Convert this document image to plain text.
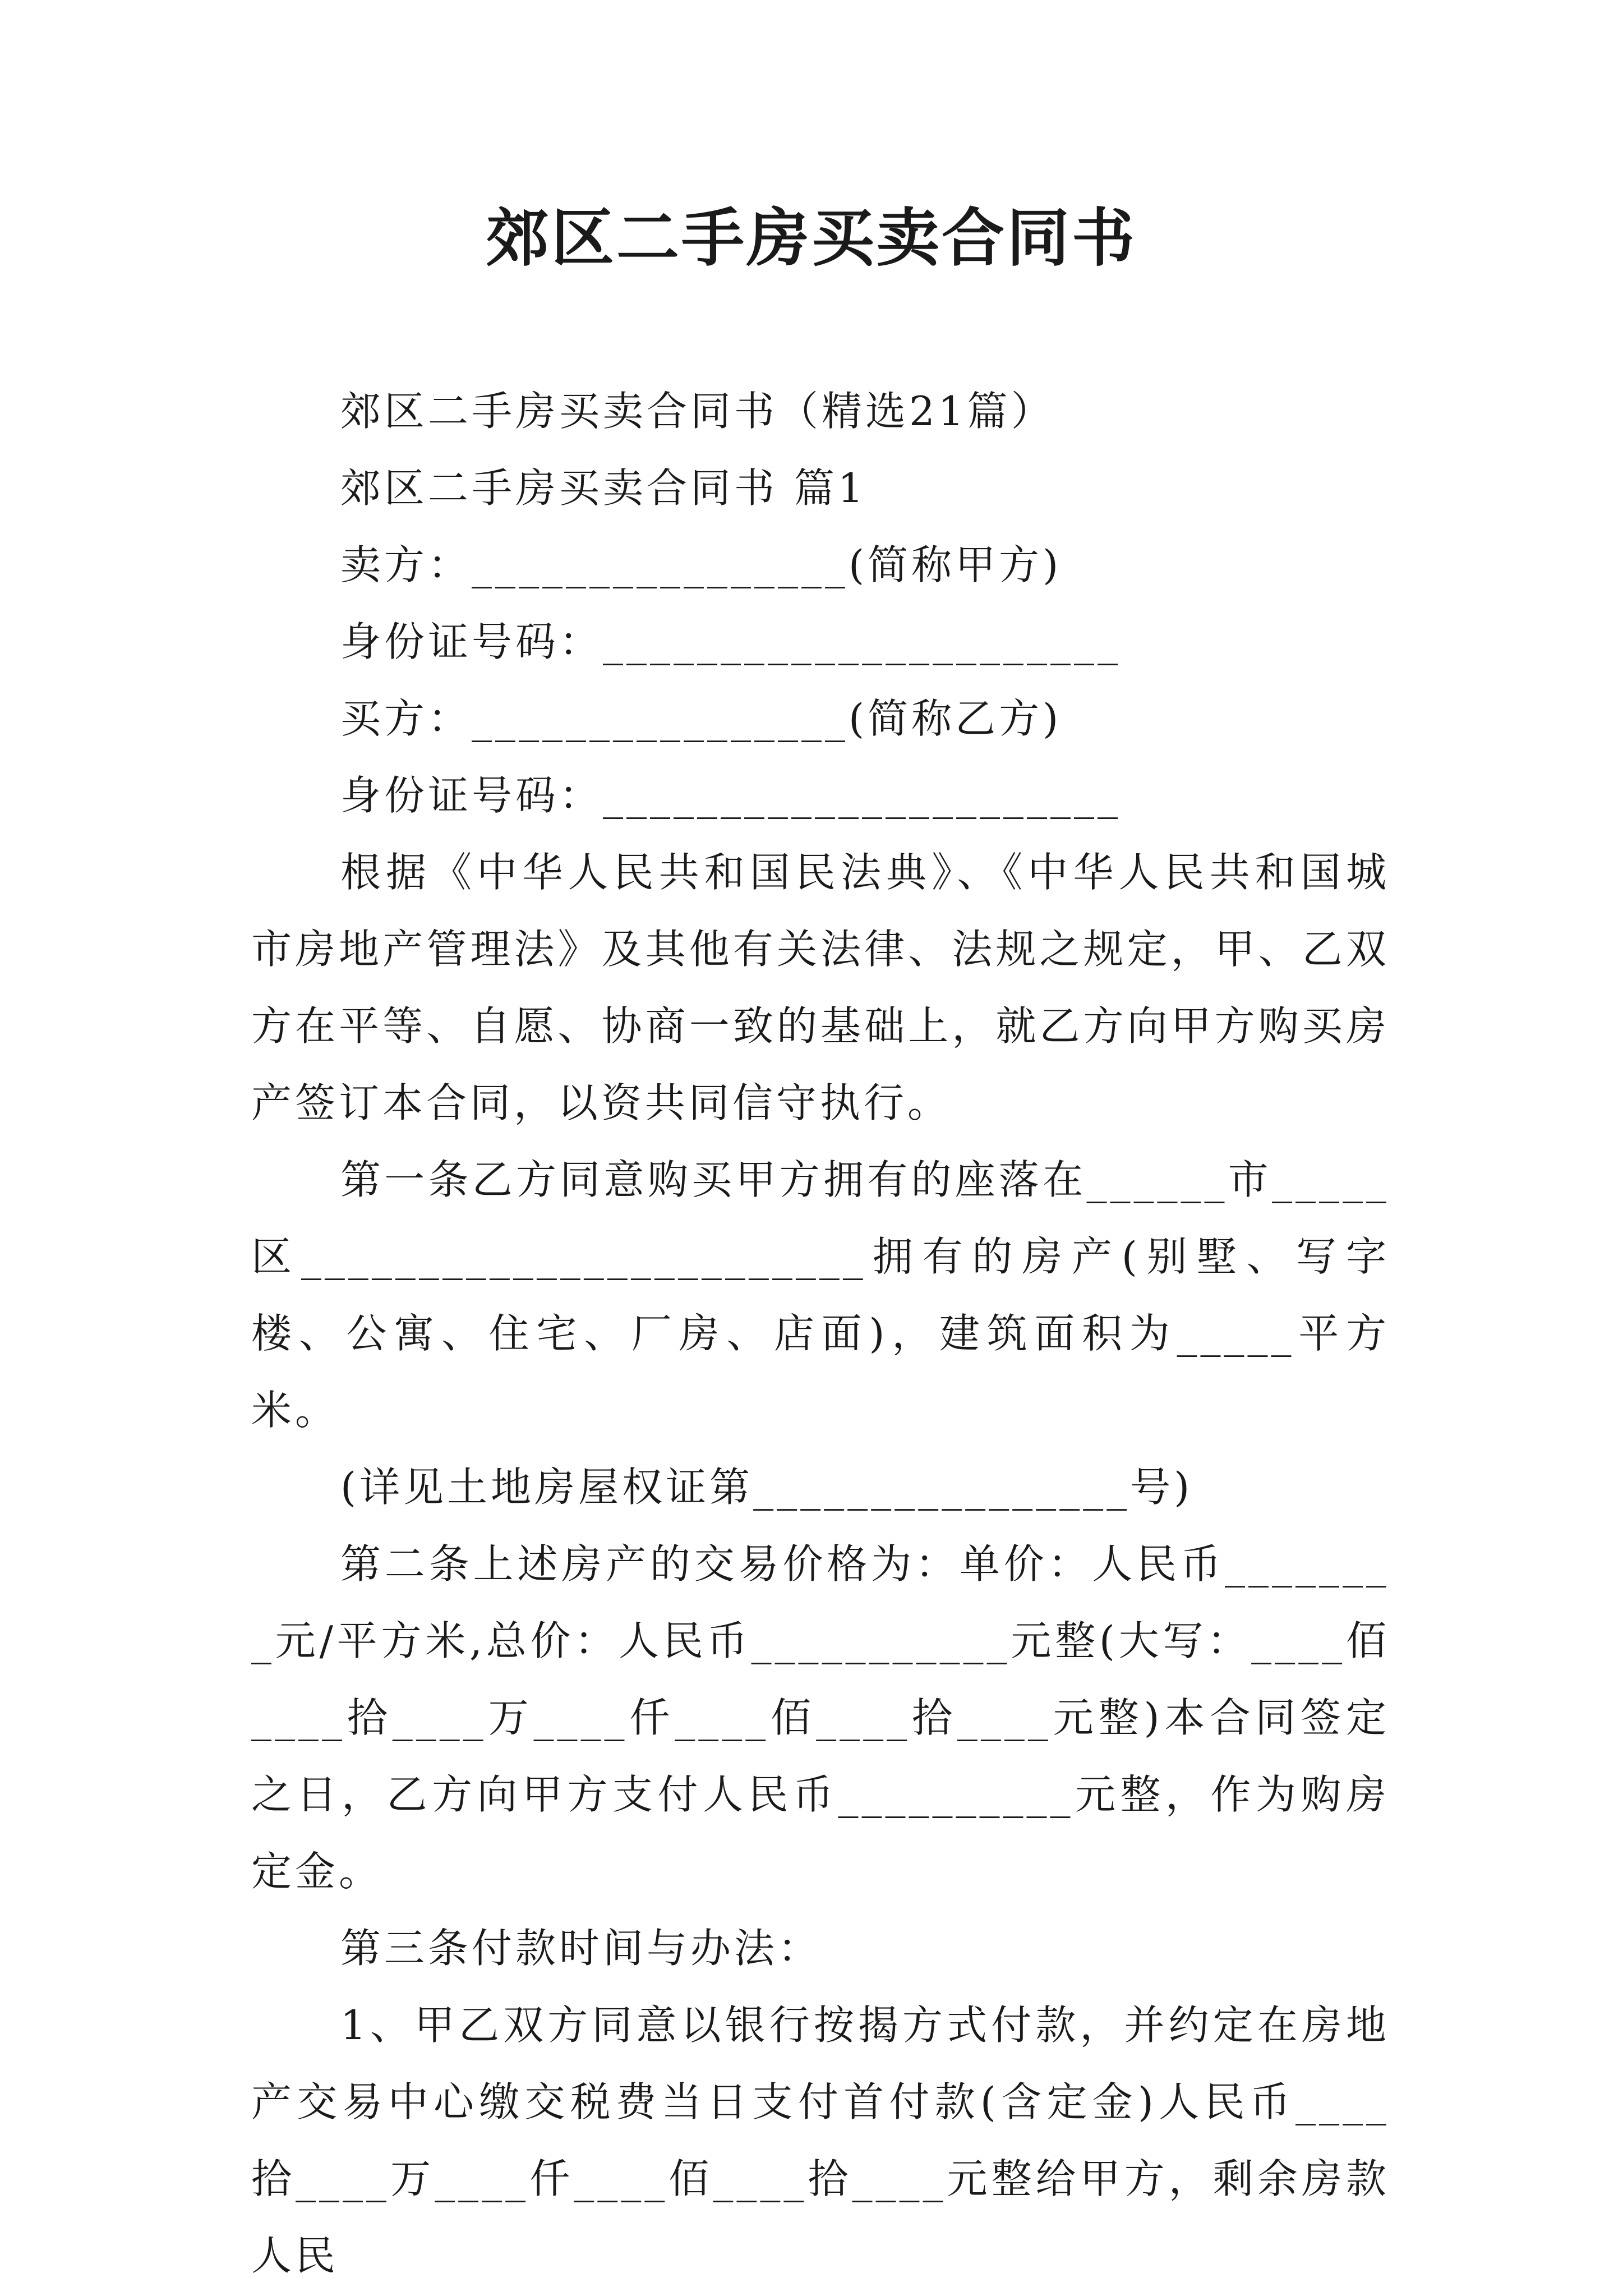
郊区二手房买卖合同书

郊区二手房买卖合同书（精选21篇）

郊区二手房买卖合同书 篇1

卖方：________________(简称甲方)

身份证号码：______________________

买方：________________(简称乙方)

身份证号码：______________________

根据《中华人民共和国民法典》、《中华人民共和国城市房地产管理法》及其他有关法律、法规之规定，甲、乙双方在平等、自愿、协商一致的基础上，就乙方向甲方购买房产签订本合同，以资共同信守执行。

第一条乙方同意购买甲方拥有的座落在______市_____区________________________拥有的房产(别墅、写字楼、公寓、住宅、厂房、店面)，建筑面积为_____平方米。

(详见土地房屋权证第________________号)

第二条上述房产的交易价格为：单价：人民币________元/平方米,总价：人民币___________元整(大写：____佰____拾____万____仟____佰____拾____元整)本合同签定之日，乙方向甲方支付人民币__________元整，作为购房定金。

第三条付款时间与办法：

1、甲乙双方同意以银行按揭方式付款，并约定在房地产交易中心缴交税费当日支付首付款(含定金)人民币____拾____万____仟____佰____拾____元整给甲方，剩余房款人民
